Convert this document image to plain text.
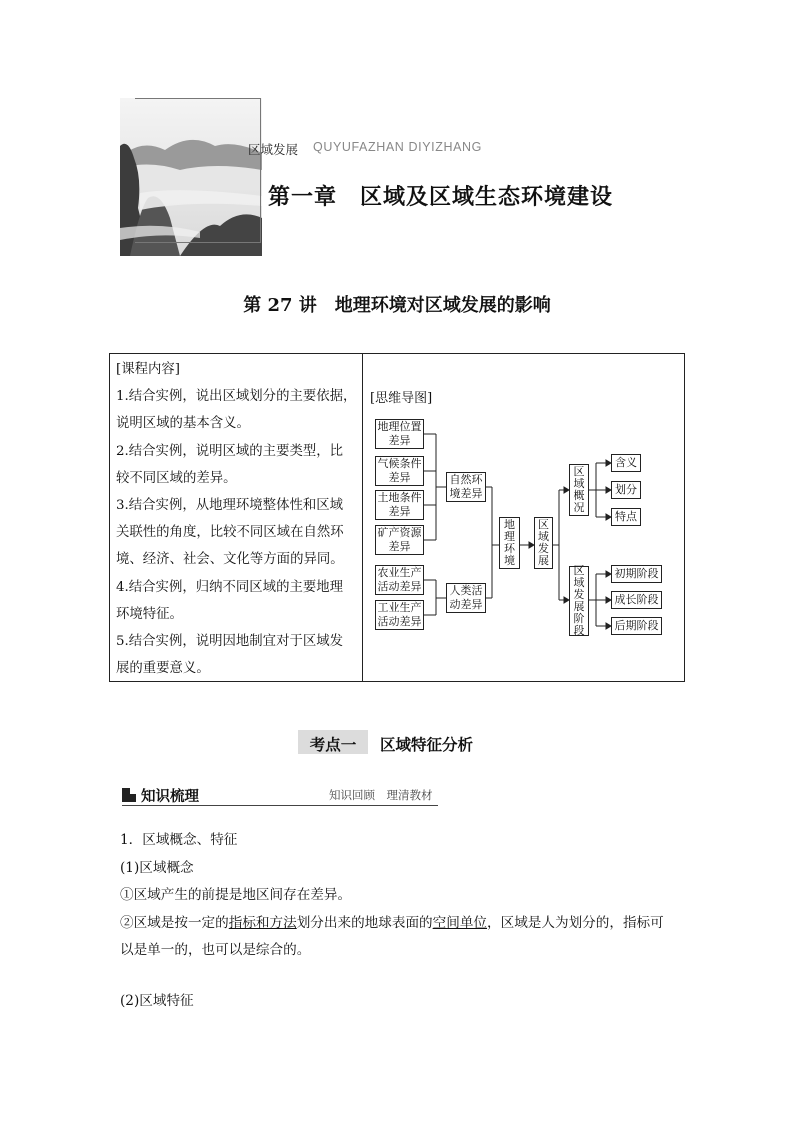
区域发展 QUYUFAZHAN DIYIZHANG
第一章　区域及区域生态环境建设
第 27 讲　地理环境对区域发展的影响

[课程内容]

1.结合实例，说出区域划分的主要依据，

说明区域的基本含义。

2.结合实例，说明区域的主要类型，比

较不同区域的差异。

3.结合实例，从地理环境整体性和区域

关联性的角度，比较不同区域在自然环

境、经济、社会、文化等方面的异同。

4.结合实例，归纳不同区域的主要地理

环境特征。

5.结合实例，说明因地制宜对于区域发

展的重要意义。

[思维导图]
地理位置
差异
气候条件
差异
土地条件
差异
矿产资源
差异
农业生产
活动差异
工业生产
活动差异
自然环
境差异
人类活
动差异
地理环境
区域发展
区域概况
区域发展阶段
含义
划分
特点
初期阶段
成长阶段
后期阶段
考点一	区域特征分析
知识梳理	知识回顾　理清教材
1．区域概念、特征
(1)区域概念
①区域产生的前提是地区间存在差异。
②区域是按一定的指标和方法划分出来的地球表面的空间单位，区域是人为划分的，指标可
以是单一的，也可以是综合的。
(2)区域特征
